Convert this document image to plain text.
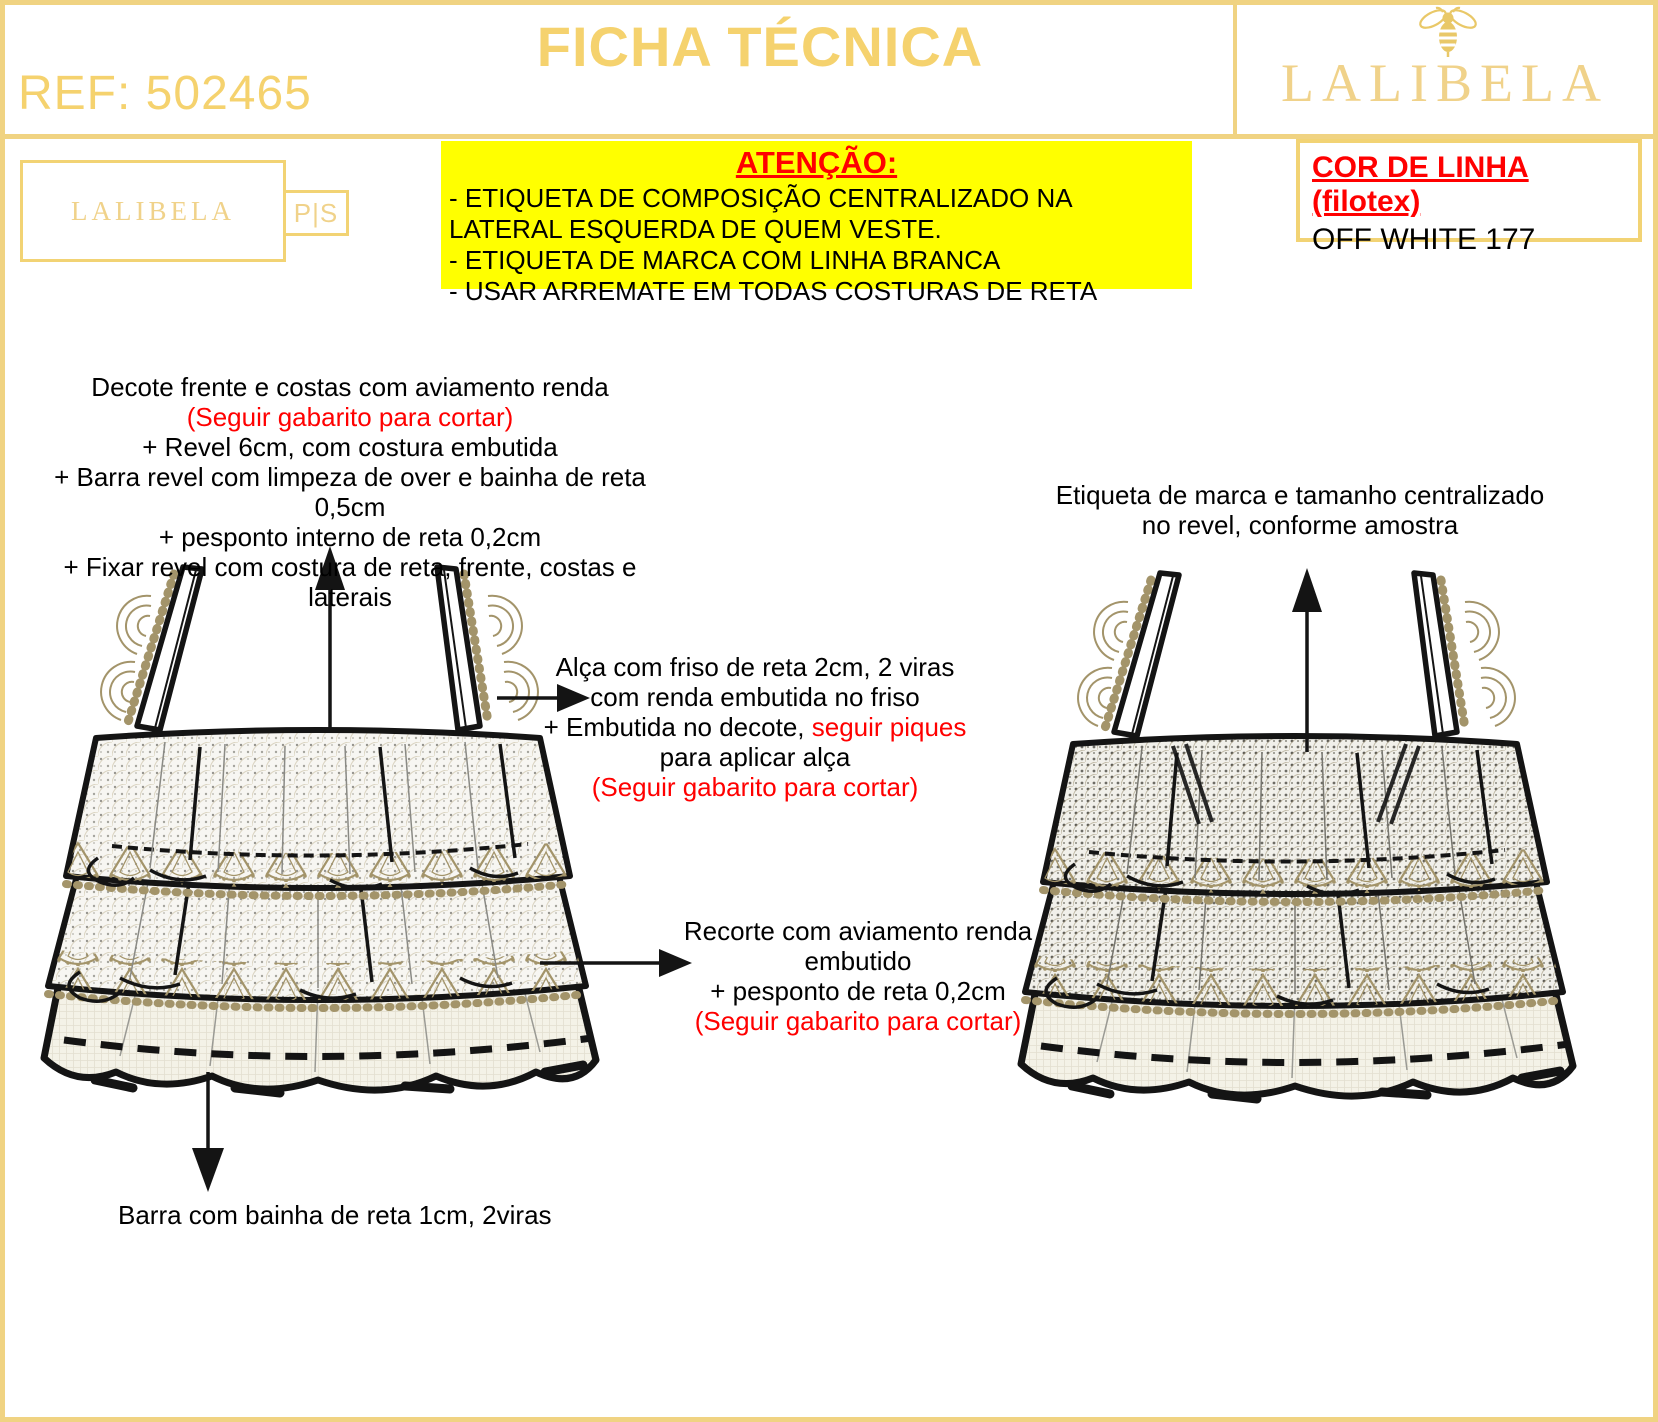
FICHA TÉCNICA
REF: 502465	LALIBELA
LALIBELA	P|S
ATENÇÃO:
- ETIQUETA DE COMPOSIÇÃO CENTRALIZADO NA LATERAL ESQUERDA DE QUEM VESTE.
- ETIQUETA DE MARCA COM LINHA BRANCA
- USAR ARREMATE EM TODAS COSTURAS DE RETA
COR DE LINHA (filotex)
OFF WHITE 177
Decote frente e costas com aviamento renda
(Seguir gabarito para cortar)
+ Revel 6cm, com costura embutida
+ Barra revel com limpeza de over e bainha de reta 0,5cm
+ pesponto interno de reta 0,2cm
+ Fixar revel com costura de reta, frente, costas e laterais
Alça com friso de reta 2cm, 2 viras
com renda embutida no friso
+ Embutida no decote, seguir piques
para aplicar alça
(Seguir gabarito para cortar)
Recorte com aviamento renda embutido
+ pesponto de reta 0,2cm
(Seguir gabarito para cortar)
Etiqueta de marca e tamanho centralizado
no revel, conforme amostra
Barra com bainha de reta 1cm, 2viras
